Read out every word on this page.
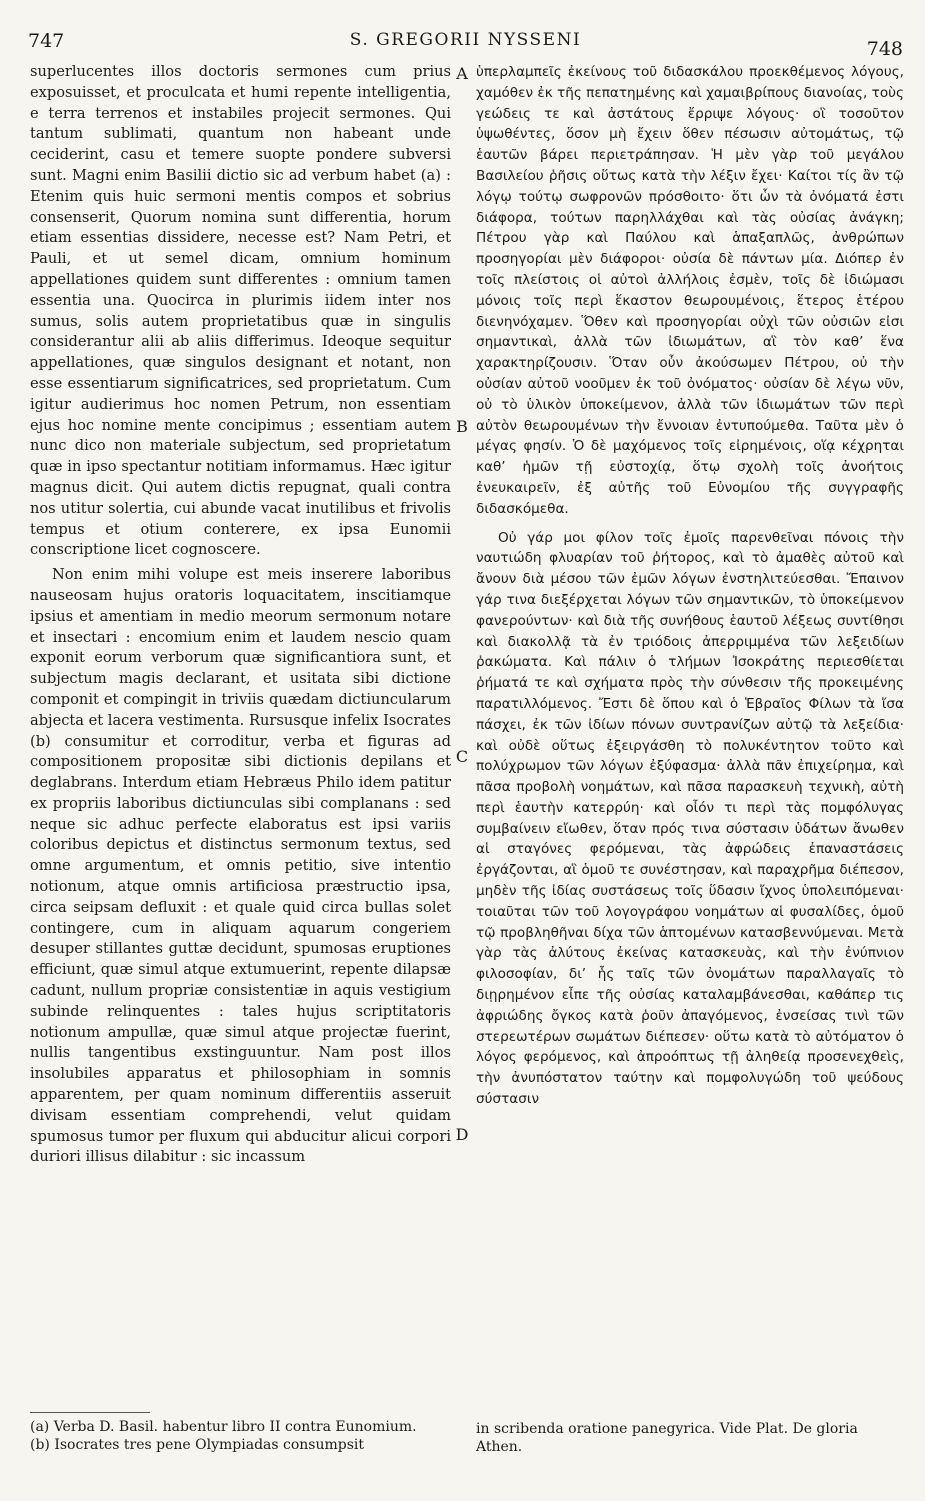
747	S. GREGORII NYSSENI	748

superlucentes illos doctoris sermones cum prius exposuisset, et proculcata et humi repente intelligentia, e terra terrenos et instabiles projecit sermones. Qui tantum sublimati, quantum non habeant unde ceciderint, casu et temere suopte pondere subversi sunt. Magni enim Basilii dictio sic ad verbum habet (a) : Etenim quis huic sermoni mentis compos et sobrius consenserit, Quorum nomina sunt differentia, horum etiam essentias dissidere, necesse est? Nam Petri, et Pauli, et ut semel dicam, omnium hominum appellationes quidem sunt differentes : omnium tamen essentia una. Quocirca in plurimis iidem inter nos sumus, solis autem proprietatibus quæ in singulis considerantur alii ab aliis differimus. Ideoque sequitur appellationes, quæ singulos designant et notant, non esse essentiarum significatrices, sed proprietatum. Cum igitur audierimus hoc nomen Petrum, non essentiam ejus hoc nomine mente concipimus ; essentiam autem nunc dico non materiale subjectum, sed proprietatum quæ in ipso spectantur notitiam informamus. Hæc igitur magnus dicit. Qui autem dictis repugnat, quali contra nos utitur solertia, cui abunde vacat inutilibus et frivolis tempus et otium conterere, ex ipsa Eunomii conscriptione licet cognoscere.

Non enim mihi volupe est meis inserere laboribus nauseosam hujus oratoris loquacitatem, inscitiamque ipsius et amentiam in medio meorum sermonum notare et insectari : encomium enim et laudem nescio quam exponit eorum verborum quæ significantiora sunt, et subjectum magis declarant, et usitata sibi dictione componit et compingit in triviis quædam dictiuncularum abjecta et lacera vestimenta. Rursusque infelix Isocrates (b) consumitur et corroditur, verba et figuras ad compositionem propositæ sibi dictionis depilans et deglabrans. Interdum etiam Hebræus Philo idem patitur ex propriis laboribus dictiunculas sibi complanans : sed neque sic adhuc perfecte elaboratus est ipsi variis coloribus depictus et distinctus sermonum textus, sed omne argumentum, et omnis petitio, sive intentio notionum, atque omnis artificiosa præstructio ipsa, circa seipsam defluxit : et quale quid circa bullas solet contingere, cum in aliquam aquarum congeriem desuper stillantes guttæ decidunt, spumosas eruptiones efficiunt, quæ simul atque extumuerint, repente dilapsæ cadunt, nullum propriæ consistentiæ in aquis vestigium subinde relinquentes : tales hujus scriptitatoris notionum ampullæ, quæ simul atque projectæ fuerint, nullis tangentibus exstinguuntur. Nam post illos insolubiles apparatus et philosophiam in somnis apparentem, per quam nominum differentiis asseruit divisam essentiam comprehendi, velut quidam spumosus tumor per fluxum qui abducitur alicui corpori duriori illisus dilabitur : sic incassum

A
B
C
D

ὑπερλαμπεῖς ἐκείνους τοῦ διδασκάλου προεκθέμενος λόγους, χαμόθεν ἐκ τῆς πεπατημένης καὶ χαμαιβρίπους διανοίας, τοὺς γεώδεις τε καὶ ἀστάτους ἔρριψε λόγους· οἳ τοσοῦτον ὑψωθέντες, ὅσον μὴ ἔχειν ὅθεν πέσωσιν αὐτομάτως, τῷ ἑαυτῶν βάρει περιετράπησαν. Ἡ μὲν γὰρ τοῦ μεγάλου Βασιλείου ῥῆσις οὕτως κατὰ τὴν λέξιν ἔχει· Καίτοι τίς ἂν τῷ λόγῳ τούτῳ σωφρονῶν πρόσθοιτο· ὅτι ὧν τὰ ὀνόματά ἐστι διάφορα, τούτων παρηλλάχθαι καὶ τὰς οὐσίας ἀνάγκη; Πέτρου γὰρ καὶ Παύλου καὶ ἁπαξαπλῶς, ἀνθρώπων προσηγορίαι μὲν διάφοροι· οὐσία δὲ πάντων μία. Διόπερ ἐν τοῖς πλείστοις οἱ αὐτοὶ ἀλλήλοις ἐσμὲν, τοῖς δὲ ἰδιώμασι μόνοις τοῖς περὶ ἕκαστον θεωρουμένοις, ἕτερος ἑτέρου διενηνόχαμεν. Ὅθεν καὶ προσηγορίαι οὐχὶ τῶν οὐσιῶν εἰσι σημαντικαὶ, ἀλλὰ τῶν ἰδιωμάτων, αἳ τὸν καθ’ ἕνα χαρακτηρίζουσιν. Ὅταν οὖν ἀκούσωμεν Πέτρου, οὐ τὴν οὐσίαν αὐτοῦ νοοῦμεν ἐκ τοῦ ὀνόματος· οὐσίαν δὲ λέγω νῦν, οὐ τὸ ὑλικὸν ὑποκείμενον, ἀλλὰ τῶν ἰδιωμάτων τῶν περὶ αὐτὸν θεωρουμένων τὴν ἔννοιαν ἐντυπούμεθα. Ταῦτα μὲν ὁ μέγας φησίν. Ὁ δὲ μαχόμενος τοῖς εἰρημένοις, οἵᾳ κέχρηται καθ’ ἡμῶν τῇ εὐστοχίᾳ, ὅτῳ σχολὴ τοῖς ἀνοήτοις ἐνευκαιρεῖν, ἐξ αὐτῆς τοῦ Εὐνομίου τῆς συγγραφῆς διδασκόμεθα.

Οὐ γάρ μοι φίλον τοῖς ἐμοῖς παρενθεῖναι πόνοις τὴν ναυτιώδη φλυαρίαν τοῦ ῥήτορος, καὶ τὸ ἀμαθὲς αὐτοῦ καὶ ἄνουν διὰ μέσου τῶν ἐμῶν λόγων ἐνστηλιτεύεσθαι. Ἔπαινον γάρ τινα διεξέρχεται λόγων τῶν σημαντικῶν, τὸ ὑποκείμενον φανερούντων· καὶ διὰ τῆς συνήθους ἑαυτοῦ λέξεως συντίθησι καὶ διακολλᾷ τὰ ἐν τριόδοις ἀπερριμμένα τῶν λεξειδίων ῥακώματα. Καὶ πάλιν ὁ τλήμων Ἰσοκράτης περιεσθίεται ῥήματά τε καὶ σχήματα πρὸς τὴν σύνθεσιν τῆς προκειμένης παρατιλλόμενος. Ἔστι δὲ ὅπου καὶ ὁ Ἑβραῖος Φίλων τὰ ἴσα πάσχει, ἐκ τῶν ἰδίων πόνων συντρανίζων αὐτῷ τὰ λεξείδια· καὶ οὐδὲ οὕτως ἐξειργάσθη τὸ πολυκέντητον τοῦτο καὶ πολύχρωμον τῶν λόγων ἐξύφασμα· ἀλλὰ πᾶν ἐπιχείρημα, καὶ πᾶσα προβολὴ νοημάτων, καὶ πᾶσα παρασκευὴ τεχνικὴ, αὐτὴ περὶ ἑαυτὴν κατερρύη· καὶ οἷόν τι περὶ τὰς πομφόλυγας συμβαίνειν εἴωθεν, ὅταν πρός τινα σύστασιν ὑδάτων ἄνωθεν αἱ σταγόνες φερόμεναι, τὰς ἀφρώδεις ἐπαναστάσεις ἐργάζονται, αἳ ὁμοῦ τε συνέστησαν, καὶ παραχρῆμα διέπεσον, μηδὲν τῆς ἰδίας συστάσεως τοῖς ὕδασιν ἴχνος ὑπολειπόμεναι· τοιαῦται τῶν τοῦ λογογράφου νοημάτων αἱ φυσαλίδες, ὁμοῦ τῷ προβληθῆναι δίχα τῶν ἁπτομένων κατασβεννύμεναι. Μετὰ γὰρ τὰς ἀλύτους ἐκείνας κατασκευὰς, καὶ τὴν ἐνύπνιον φιλοσοφίαν, δι’ ἧς ταῖς τῶν ὀνομάτων παραλλαγαῖς τὸ διῃρημένον εἶπε τῆς οὐσίας καταλαμβάνεσθαι, καθάπερ τις ἀφριώδης ὄγκος κατὰ ῥοῦν ἀπαγόμενος, ἐνσείσας τινὶ τῶν στερεωτέρων σωμάτων διέπεσεν· οὕτω κατὰ τὸ αὐτόματον ὁ λόγος φερόμενος, καὶ ἀπροόπτως τῇ ἀληθείᾳ προσενεχθεὶς, τὴν ἀνυπόστατον ταύτην καὶ πομφολυγώδη τοῦ ψεύδους σύστασιν

(a) Verba D. Basil. habentur libro II contra Eunomium.
(b) Isocrates tres pene Olympiadas consumpsit
in scribenda oratione panegyrica. Vide Plat. De gloria Athen.
